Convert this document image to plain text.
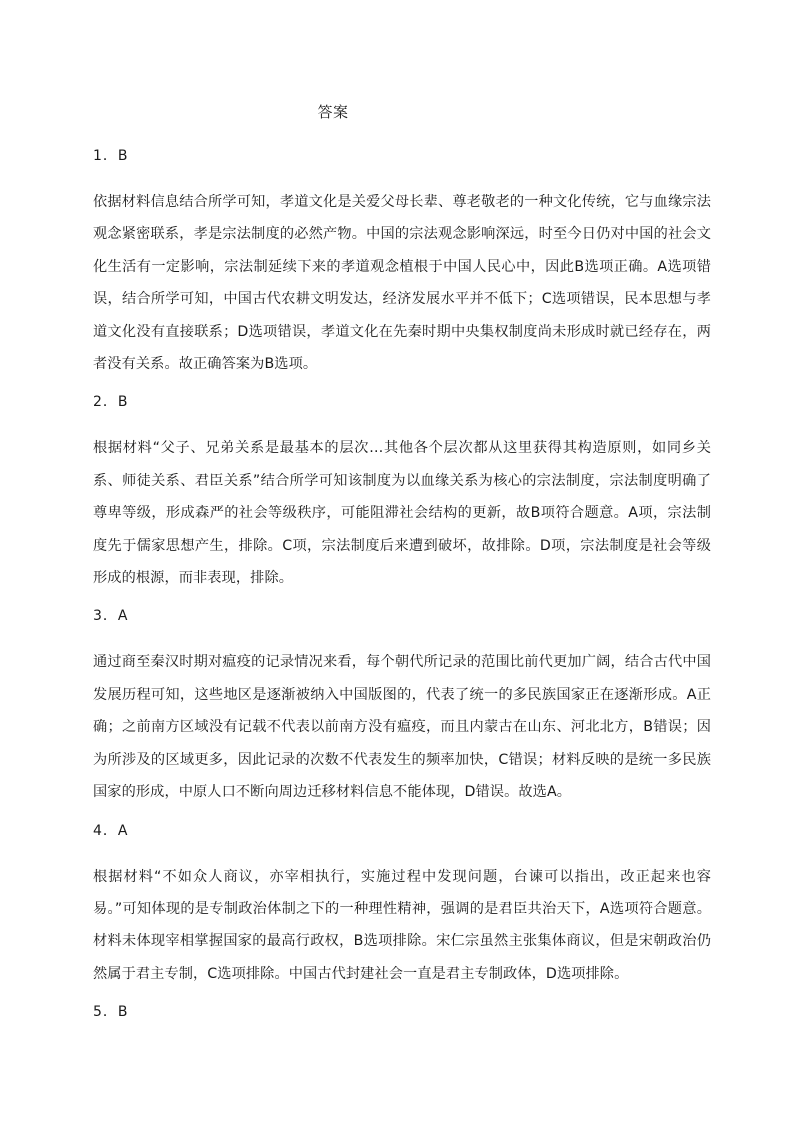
答案

1．B

依据材料信息结合所学可知，孝道文化是关爱父母长辈、尊老敬老的一种文化传统，它与血缘宗法观念紧密联系，孝是宗法制度的必然产物。中国的宗法观念影响深远，时至今日仍对中国的社会文化生活有一定影响，宗法制延续下来的孝道观念植根于中国人民心中，因此B选项正确。A选项错误，结合所学可知，中国古代农耕文明发达，经济发展水平并不低下；C选项错误，民本思想与孝道文化没有直接联系；D选项错误，孝道文化在先秦时期中央集权制度尚未形成时就已经存在，两者没有关系。故正确答案为B选项。

2．B

根据材料“父子、兄弟关系是最基本的层次…其他各个层次都从这里获得其构造原则，如同乡关系、师徒关系、君臣关系”结合所学可知该制度为以血缘关系为核心的宗法制度，宗法制度明确了尊卑等级，形成森严的社会等级秩序，可能阻滞社会结构的更新，故B项符合题意。A项，宗法制度先于儒家思想产生，排除。C项，宗法制度后来遭到破坏，故排除。D项，宗法制度是社会等级形成的根源，而非表现，排除。

3．A

通过商至秦汉时期对瘟疫的记录情况来看，每个朝代所记录的范围比前代更加广阔，结合古代中国发展历程可知，这些地区是逐渐被纳入中国版图的，代表了统一的多民族国家正在逐渐形成。A正确；之前南方区域没有记载不代表以前南方没有瘟疫，而且内蒙古在山东、河北北方，B错误；因为所涉及的区域更多，因此记录的次数不代表发生的频率加快，C错误；材料反映的是统一多民族国家的形成，中原人口不断向周边迁移材料信息不能体现，D错误。故选A。

4．A

根据材料“不如众人商议，亦宰相执行，实施过程中发现问题，台谏可以指出，改正起来也容易。”可知体现的是专制政治体制之下的一种理性精神，强调的是君臣共治天下，A选项符合题意。材料未体现宰相掌握国家的最高行政权，B选项排除。宋仁宗虽然主张集体商议，但是宋朝政治仍然属于君主专制，C选项排除。中国古代封建社会一直是君主专制政体，D选项排除。

5．B
